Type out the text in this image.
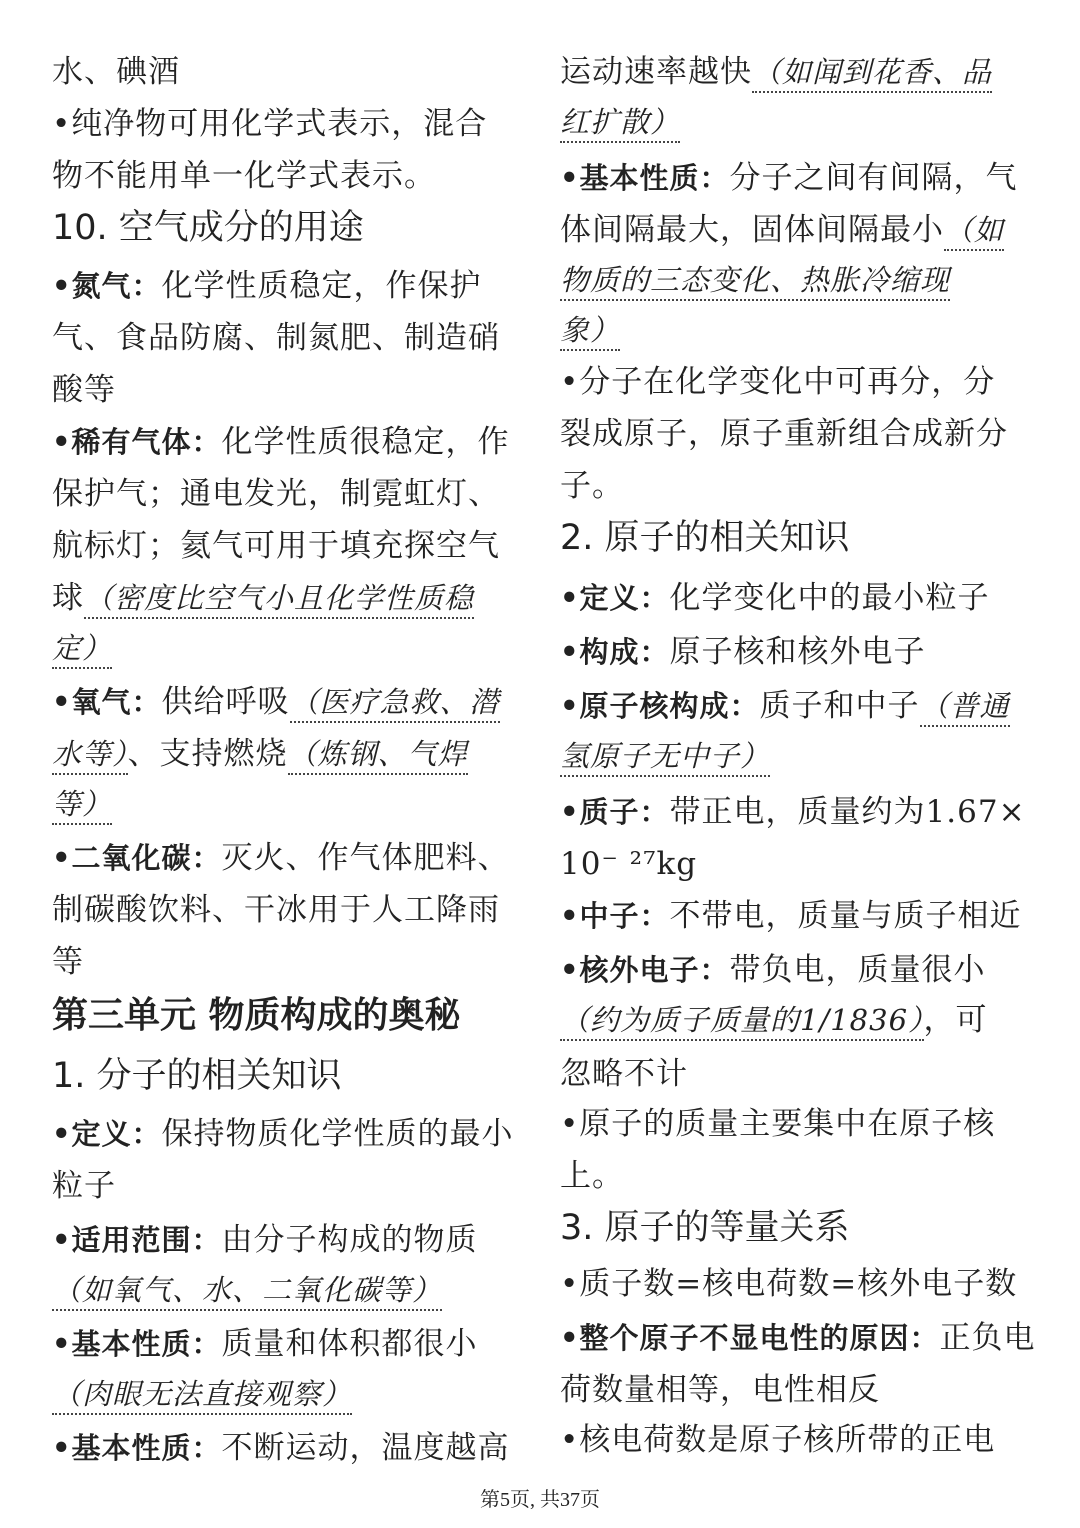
水、碘酒
•纯净物可用化学式表示，混合
物不能用单一化学式表示。
10. 空气成分的用途
•氮气：化学性质稳定，作保护
气、食品防腐、制氮肥、制造硝
酸等
•稀有气体：化学性质很稳定，作
保护气；通电发光，制霓虹灯、
航标灯；氦气可用于填充探空气
球（密度比空气小且化学性质稳
定）
•氧气：供给呼吸（医疗急救、潜
水等）、支持燃烧（炼钢、气焊
等）
•二氧化碳：灭火、作气体肥料、
制碳酸饮料、干冰用于人工降雨
等
第三单元 物质构成的奥秘
1. 分子的相关知识
•定义：保持物质化学性质的最小
粒子
•适用范围：由分子构成的物质
（如氧气、水、二氧化碳等）
•基本性质：质量和体积都很小
（肉眼无法直接观察）
•基本性质：不断运动，温度越高
运动速率越快（如闻到花香、品
红扩散）
•基本性质：分子之间有间隔，气
体间隔最大，固体间隔最小（如
物质的三态变化、热胀冷缩现
象）
•分子在化学变化中可再分，分
裂成原子，原子重新组合成新分
子。
2. 原子的相关知识
•定义：化学变化中的最小粒子
•构成：原子核和核外电子
•原子核构成：质子和中子（普通
氢原子无中子）
•质子：带正电，质量约为1.67×
10⁻ ²⁷kg
•中子：不带电，质量与质子相近
•核外电子：带负电，质量很小
（约为质子质量的1/1836），可
忽略不计
•原子的质量主要集中在原子核
上。
3. 原子的等量关系
•质子数=核电荷数=核外电子数
•整个原子不显电性的原因：正负电
荷数量相等，电性相反
•核电荷数是原子核所带的正电
第5页, 共37页
